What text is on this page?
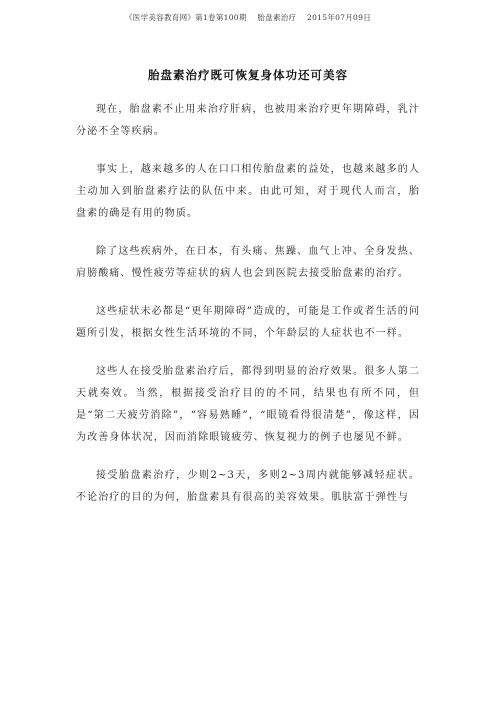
《医学美容教育网》第1卷第100期 胎盘素治疗 2015年07月09日
胎盘素治疗既可恢复身体功还可美容

现在，胎盘素不止用来治疗肝病，也被用来治疗更年期障碍，乳汁分泌不全等疾病。

事实上，越来越多的人在口口相传胎盘素的益处，也越来越多的人主动加入到胎盘素疗法的队伍中来。由此可知，对于现代人而言，胎盘素的确是有用的物质。

除了这些疾病外，在日本，有头痛、焦躁、血气上冲、全身发热、肩膀酸痛、慢性疲劳等症状的病人也会到医院去接受胎盘素的治疗。

这些症状未必都是“更年期障碍”造成的，可能是工作或者生活的问题所引发，根据女性生活环境的不同，个年龄层的人症状也不一样。

这些人在接受胎盘素治疗后，都得到明显的治疗效果。很多人第二天就奏效。当然，根据接受治疗目的的不同，结果也有所不同，但是“第二天疲劳消除”，“容易熟睡”，“眼镜看得很清楚”，像这样，因为改善身体状况，因而消除眼镜疲劳、恢复视力的例子也屡见不鲜。

接受胎盘素治疗，少则2~3天，多则2~3周内就能够减轻症状。不论治疗的目的为何，胎盘素具有很高的美容效果。肌肤富于弹性与
